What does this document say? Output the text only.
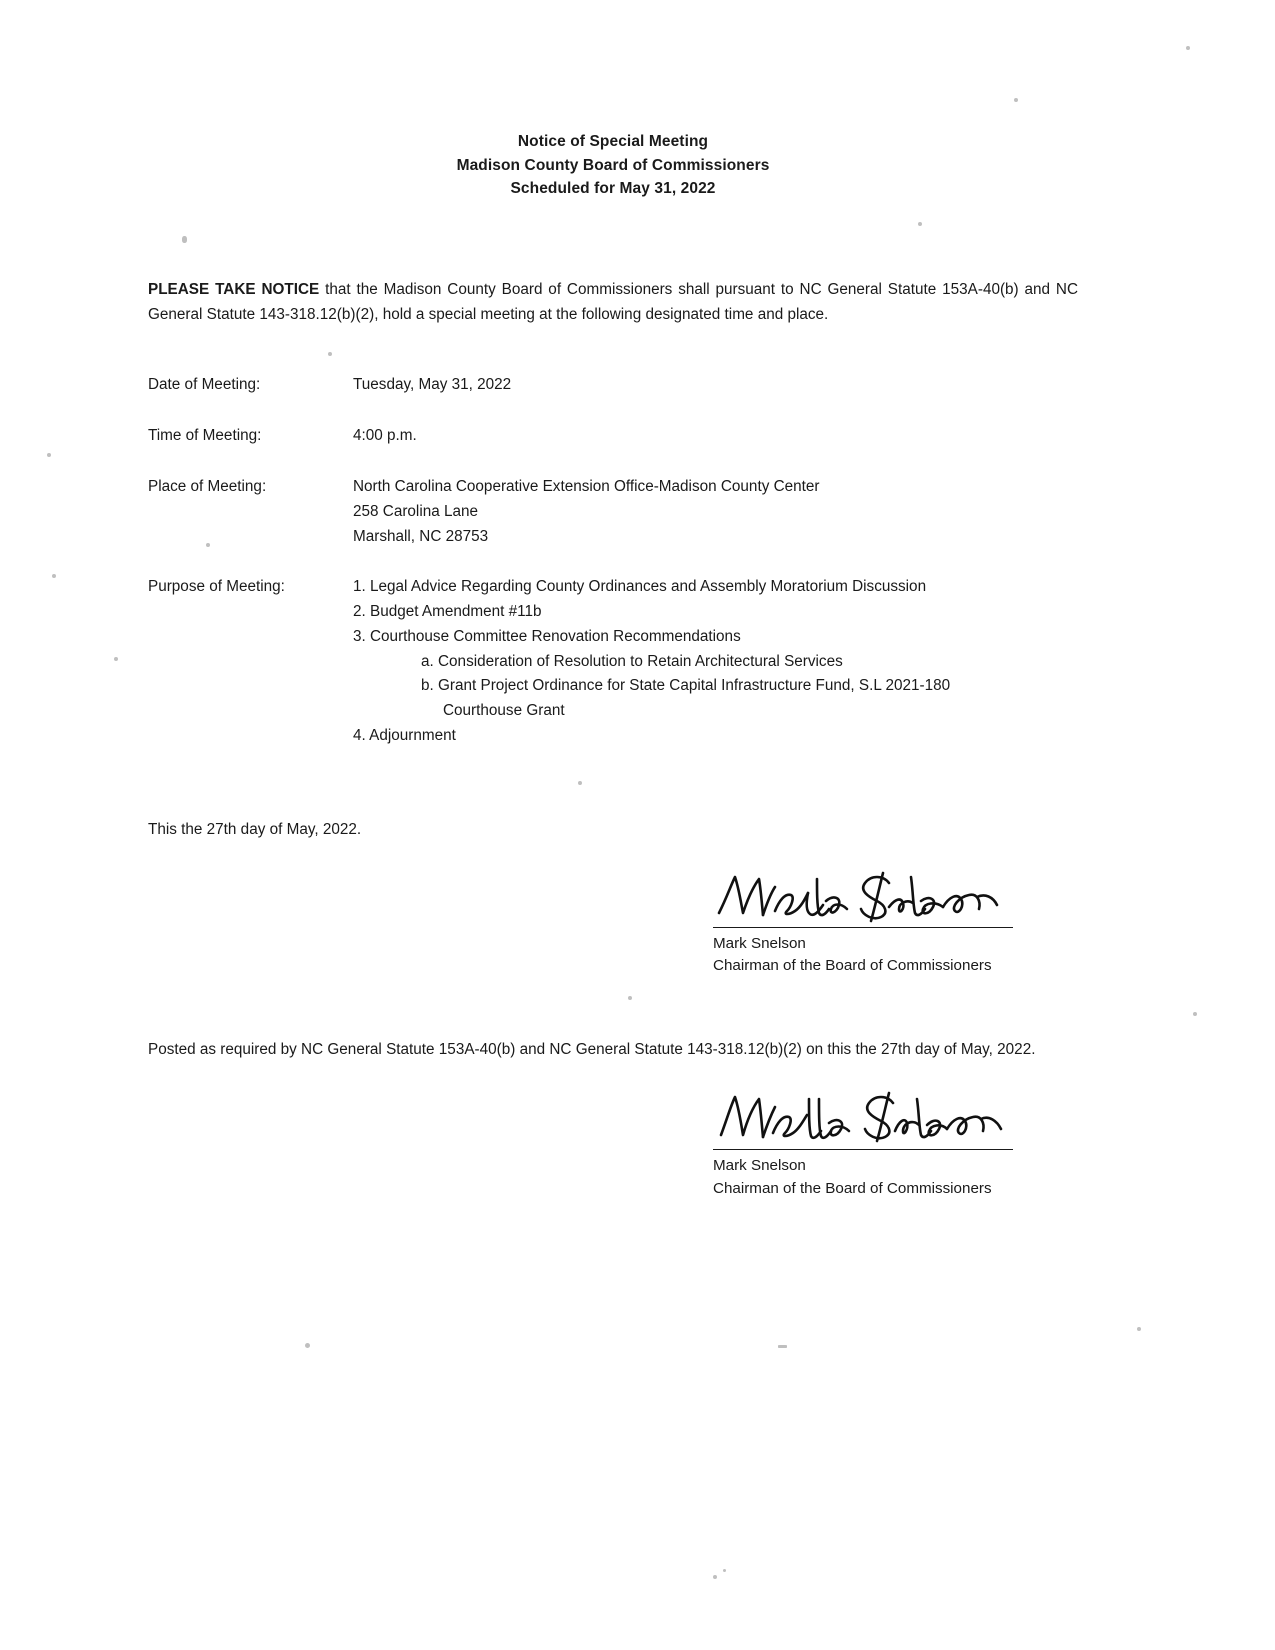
Notice of Special Meeting
Madison County Board of Commissioners
Scheduled for May 31, 2022

PLEASE TAKE NOTICE that the Madison County Board of Commissioners shall pursuant to NC General Statute 153A-40(b) and NC General Statute 143-318.12(b)(2), hold a special meeting at the following designated time and place.

Date of Meeting:	Tuesday, May 31, 2022
Time of Meeting:	4:00 p.m.
Place of Meeting:	North Carolina Cooperative Extension Office-Madison County Center
258 Carolina Lane
Marshall, NC 28753
Purpose of Meeting:	1. Legal Advice Regarding County Ordinances and Assembly Moratorium Discussion
2. Budget Amendment #11b
3. Courthouse Committee Renovation Recommendations
a. Consideration of Resolution to Retain Architectural Services
b. Grant Project Ordinance for State Capital Infrastructure Fund, S.L 2021-180
Courthouse Grant
4. Adjournment
This the 27th day of May, 2022.
Mark Snelson
Chairman of the Board of Commissioners

Posted as required by NC General Statute 153A-40(b) and NC General Statute 143-318.12(b)(2) on this the 27th day of May, 2022.

Mark Snelson
Chairman of the Board of Commissioners
